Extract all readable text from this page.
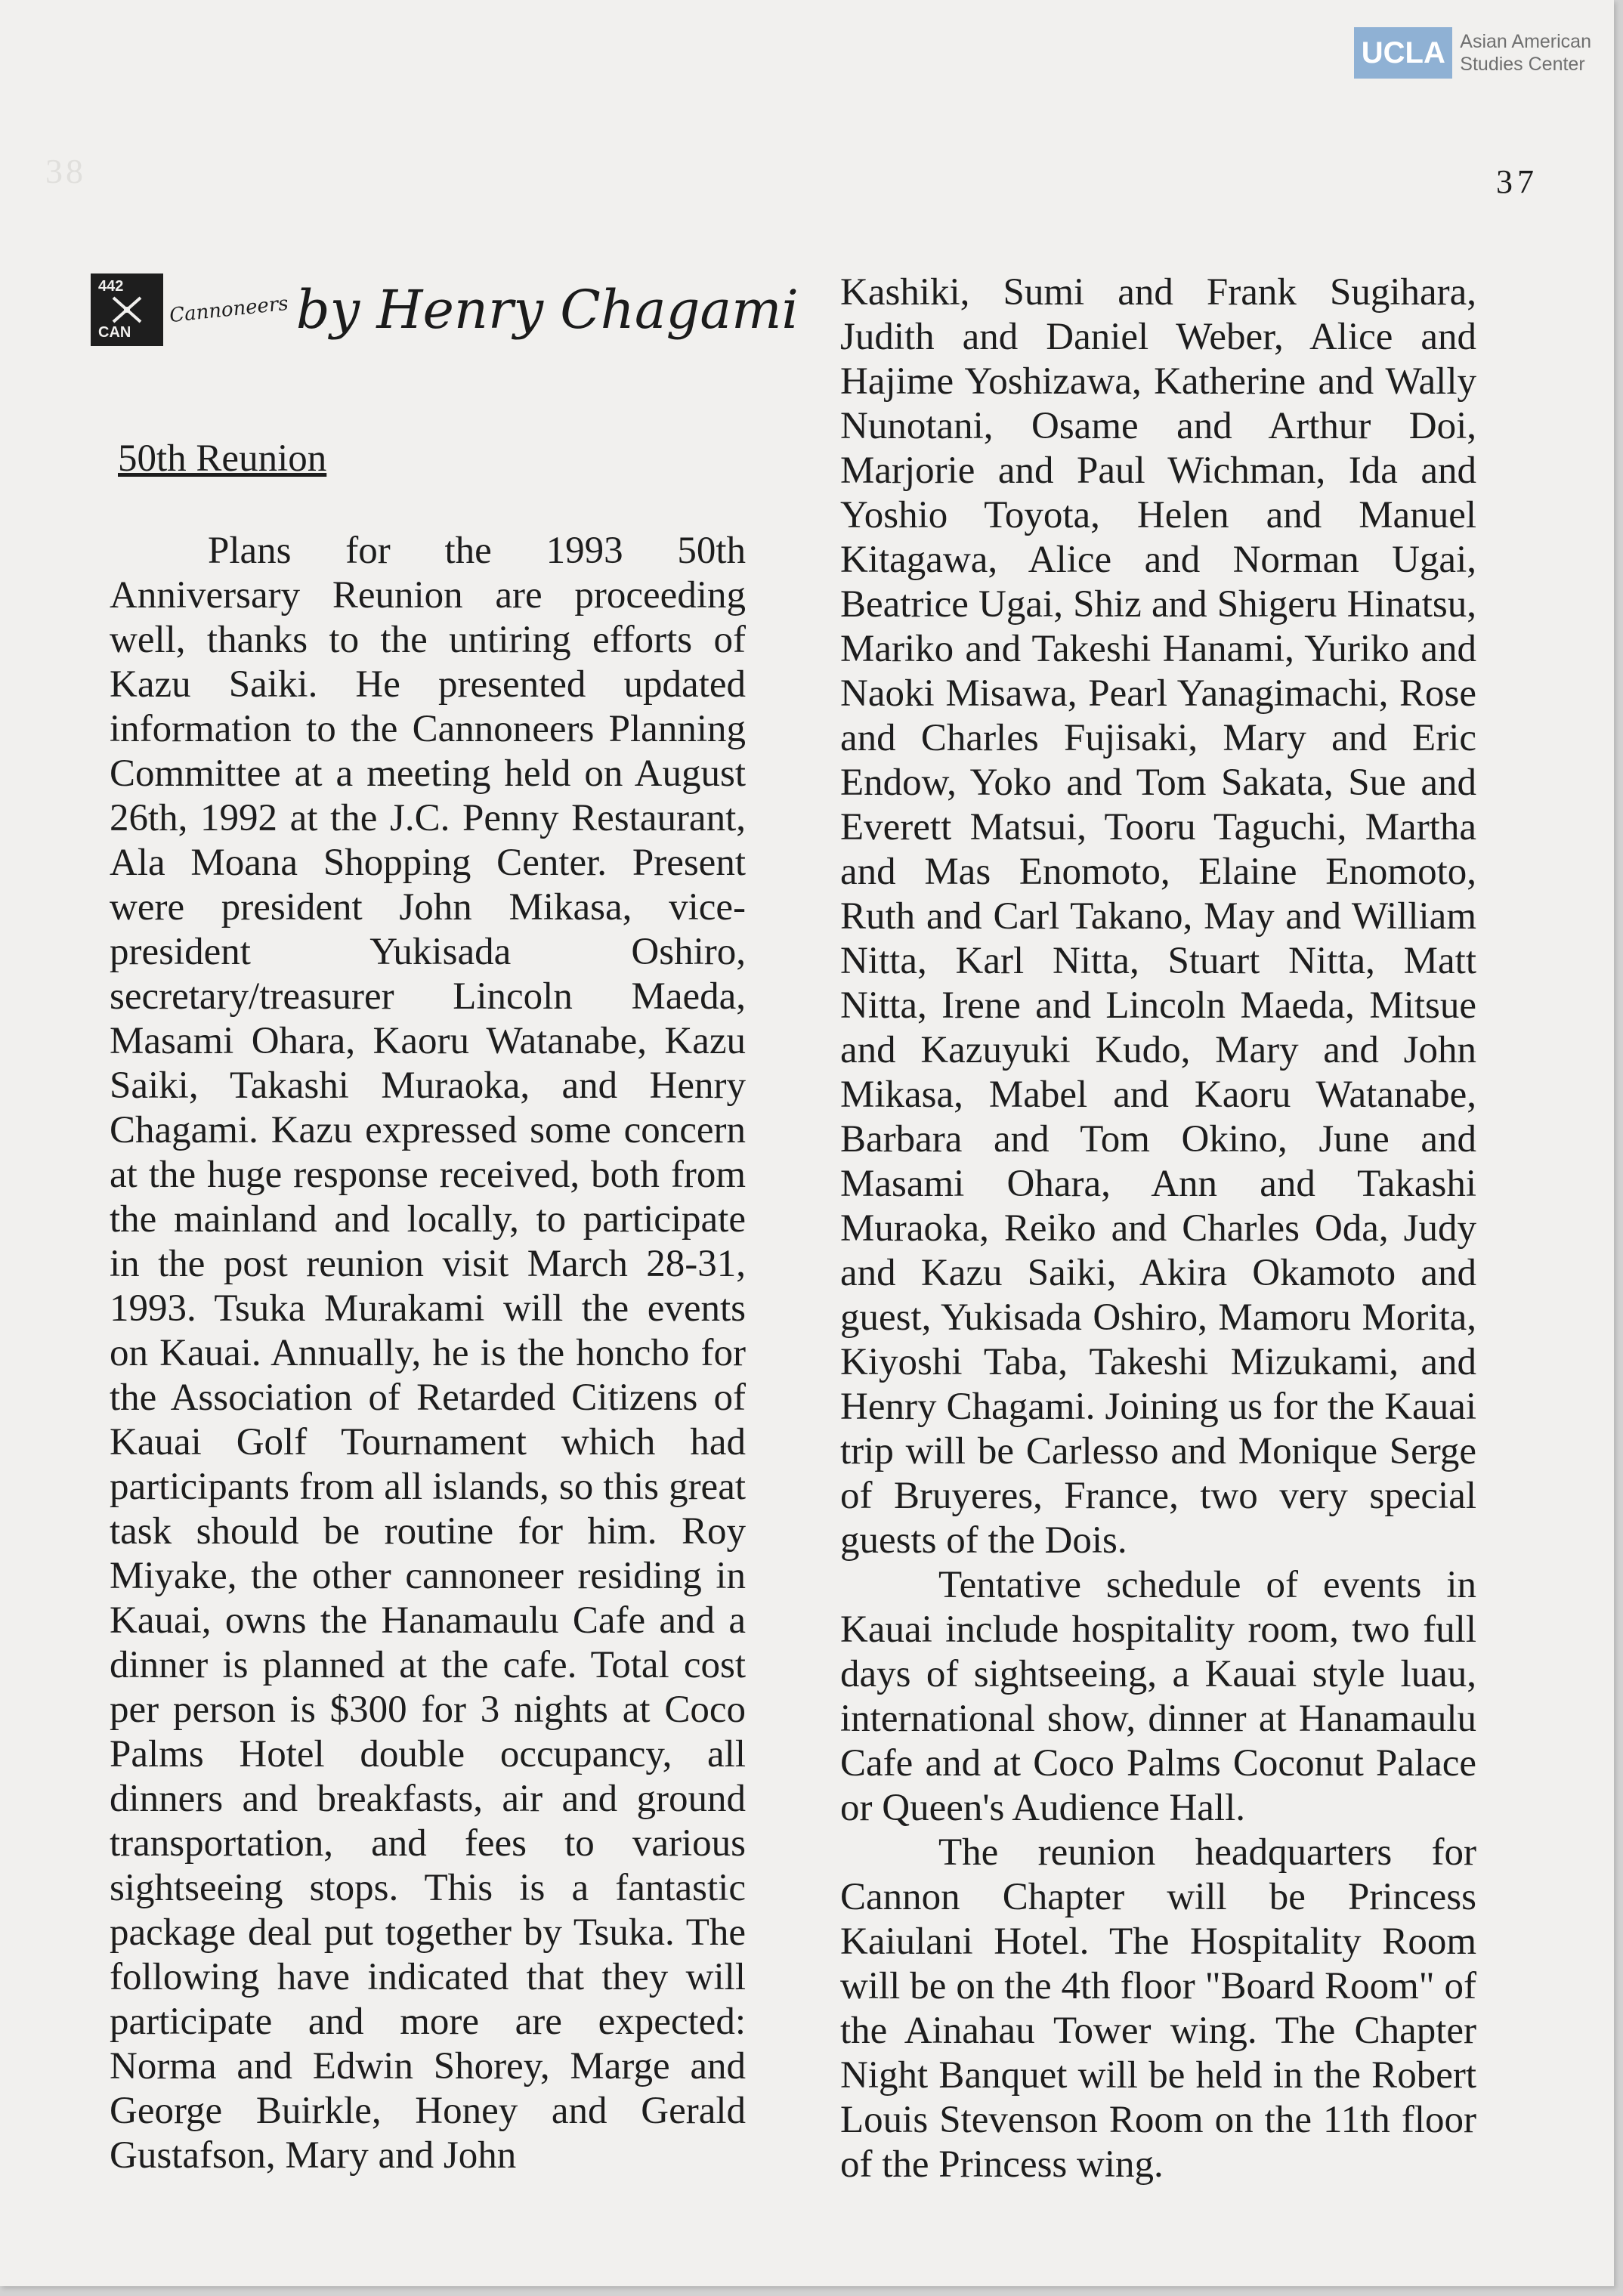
38
UCLA Asian American
Studies Center
37
442
CAN
Cannoneers by Henry Chagami
50th Reunion

Plans for the 1993 50th Anniversary Reunion are proceeding well, thanks to the untiring efforts of Kazu Saiki. He presented updated information to the Cannoneers Planning Committee at a meeting held on August 26th, 1992 at the J.C. Penny Restaurant, Ala Moana Shopping Center. Present were president John Mikasa, vice-president Yukisada Oshiro, secretary/treasurer Lincoln Maeda, Masami Ohara, Kaoru Watanabe, Kazu Saiki, Takashi Muraoka, and Henry Chagami. Kazu expressed some concern at the huge response received, both from the mainland and locally, to participate in the post reunion visit March 28-31, 1993. Tsuka Murakami will the events on Kauai. Annually, he is the honcho for the Association of Retarded Citizens of Kauai Golf Tournament which had participants from all islands, so this great task should be routine for him. Roy Miyake, the other cannoneer residing in Kauai, owns the Hanamaulu Cafe and a dinner is planned at the cafe. Total cost per person is $300 for 3 nights at Coco Palms Hotel double occupancy, all dinners and breakfasts, air and ground transportation, and fees to various sightseeing stops. This is a fantastic package deal put together by Tsuka. The following have indicated that they will participate and more are expected: Norma and Edwin Shorey, Marge and George Buirkle, Honey and Gerald Gustafson, Mary and John

Kashiki, Sumi and Frank Sugihara, Judith and Daniel Weber, Alice and Hajime Yoshizawa, Katherine and Wally Nunotani, Osame and Arthur Doi, Marjorie and Paul Wichman, Ida and Yoshio Toyota, Helen and Manuel Kitagawa, Alice and Norman Ugai, Beatrice Ugai, Shiz and Shigeru Hinatsu, Mariko and Takeshi Hanami, Yuriko and Naoki Misawa, Pearl Yanagimachi, Rose and Charles Fujisaki, Mary and Eric Endow, Yoko and Tom Sakata, Sue and Everett Matsui, Tooru Taguchi, Martha and Mas Enomoto, Elaine Enomoto, Ruth and Carl Takano, May and William Nitta, Karl Nitta, Stuart Nitta, Matt Nitta, Irene and Lincoln Maeda, Mitsue and Kazuyuki Kudo, Mary and John Mikasa, Mabel and Kaoru Watanabe, Barbara and Tom Okino, June and Masami Ohara, Ann and Takashi Muraoka, Reiko and Charles Oda, Judy and Kazu Saiki, Akira Okamoto and guest, Yukisada Oshiro, Mamoru Morita, Kiyoshi Taba, Takeshi Mizukami, and Henry Chagami. Joining us for the Kauai trip will be Carlesso and Monique Serge of Bruyeres, France, two very special guests of the Dois.

Tentative schedule of events in Kauai include hospitality room, two full days of sightseeing, a Kauai style luau, international show, dinner at Hanamaulu Cafe and at Coco Palms Coconut Palace or Queen's Audience Hall.

The reunion headquarters for Cannon Chapter will be Princess Kaiulani Hotel. The Hospitality Room will be on the 4th floor "Board Room" of the Ainahau Tower wing. The Chapter Night Banquet will be held in the Robert Louis Stevenson Room on the 11th floor of the Princess wing.
